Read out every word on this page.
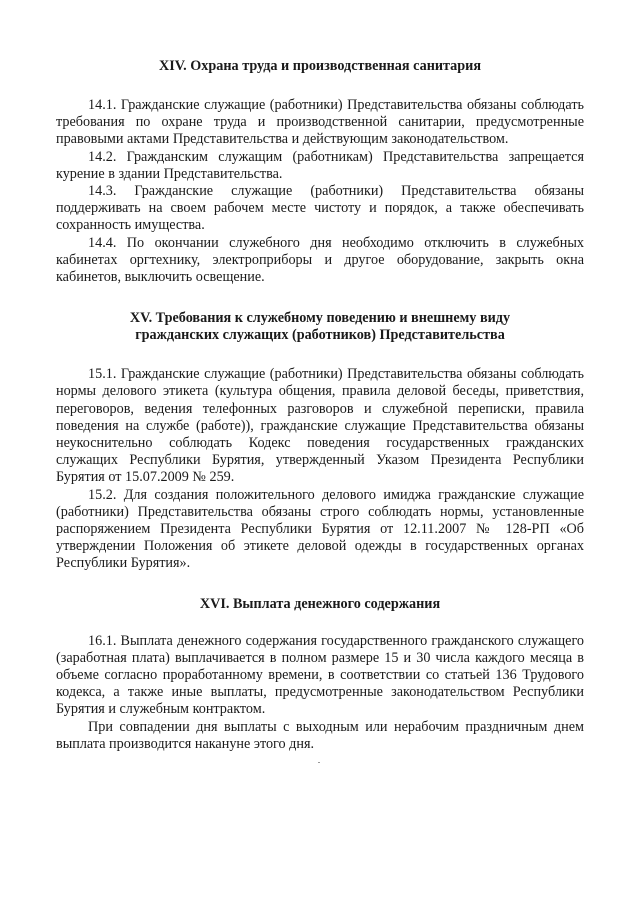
XIV. Охрана труда и производственная санитария

14.1. Гражданские служащие (работники) Представительства обязаны соблюдать требования по охране труда и производственной санитарии, предусмотренные правовыми актами Представительства и действующим законодательством.

14.2. Гражданским служащим (работникам) Представительства запрещается курение в здании Представительства.

14.3. Гражданские служащие (работники) Представительства обязаны поддерживать на своем рабочем месте чистоту и порядок, а также обеспечивать сохранность имущества.

14.4. По окончании служебного дня необходимо отключить в служебных кабинетах оргтехнику, электроприборы и другое оборудование, закрыть окна кабинетов, выключить освещение.

XV. Требования к служебному поведению и внешнему виду
гражданских служащих (работников) Представительства

15.1. Гражданские служащие (работники) Представительства обязаны соблюдать нормы делового этикета (культура общения, правила деловой беседы, приветствия, переговоров, ведения телефонных разговоров и служебной переписки, правила поведения на службе (работе)), гражданские служащие Представительства обязаны неукоснительно соблюдать Кодекс поведения государственных гражданских служащих Республики Бурятия, утвержденный Указом Президента Республики Бурятия от 15.07.2009 № 259.

15.2. Для создания положительного делового имиджа гражданские служащие (работники) Представительства обязаны строго соблюдать нормы, установленные распоряжением Президента Республики Бурятия от 12.11.2007 № 128-РП «Об утверждении Положения об этикете деловой одежды в государственных органах Республики Бурятия».

XVI. Выплата денежного содержания

16.1. Выплата денежного содержания государственного гражданского служащего (заработная плата) выплачивается в полном размере 15 и 30 числа каждого месяца в объеме согласно проработанному времени, в соответствии со статьей 136 Трудового кодекса, а также иные выплаты, предусмотренные законодательством Республики Бурятия и служебным контрактом.

При совпадении дня выплаты с выходным или нерабочим праздничным днем выплата производится накануне этого дня.
